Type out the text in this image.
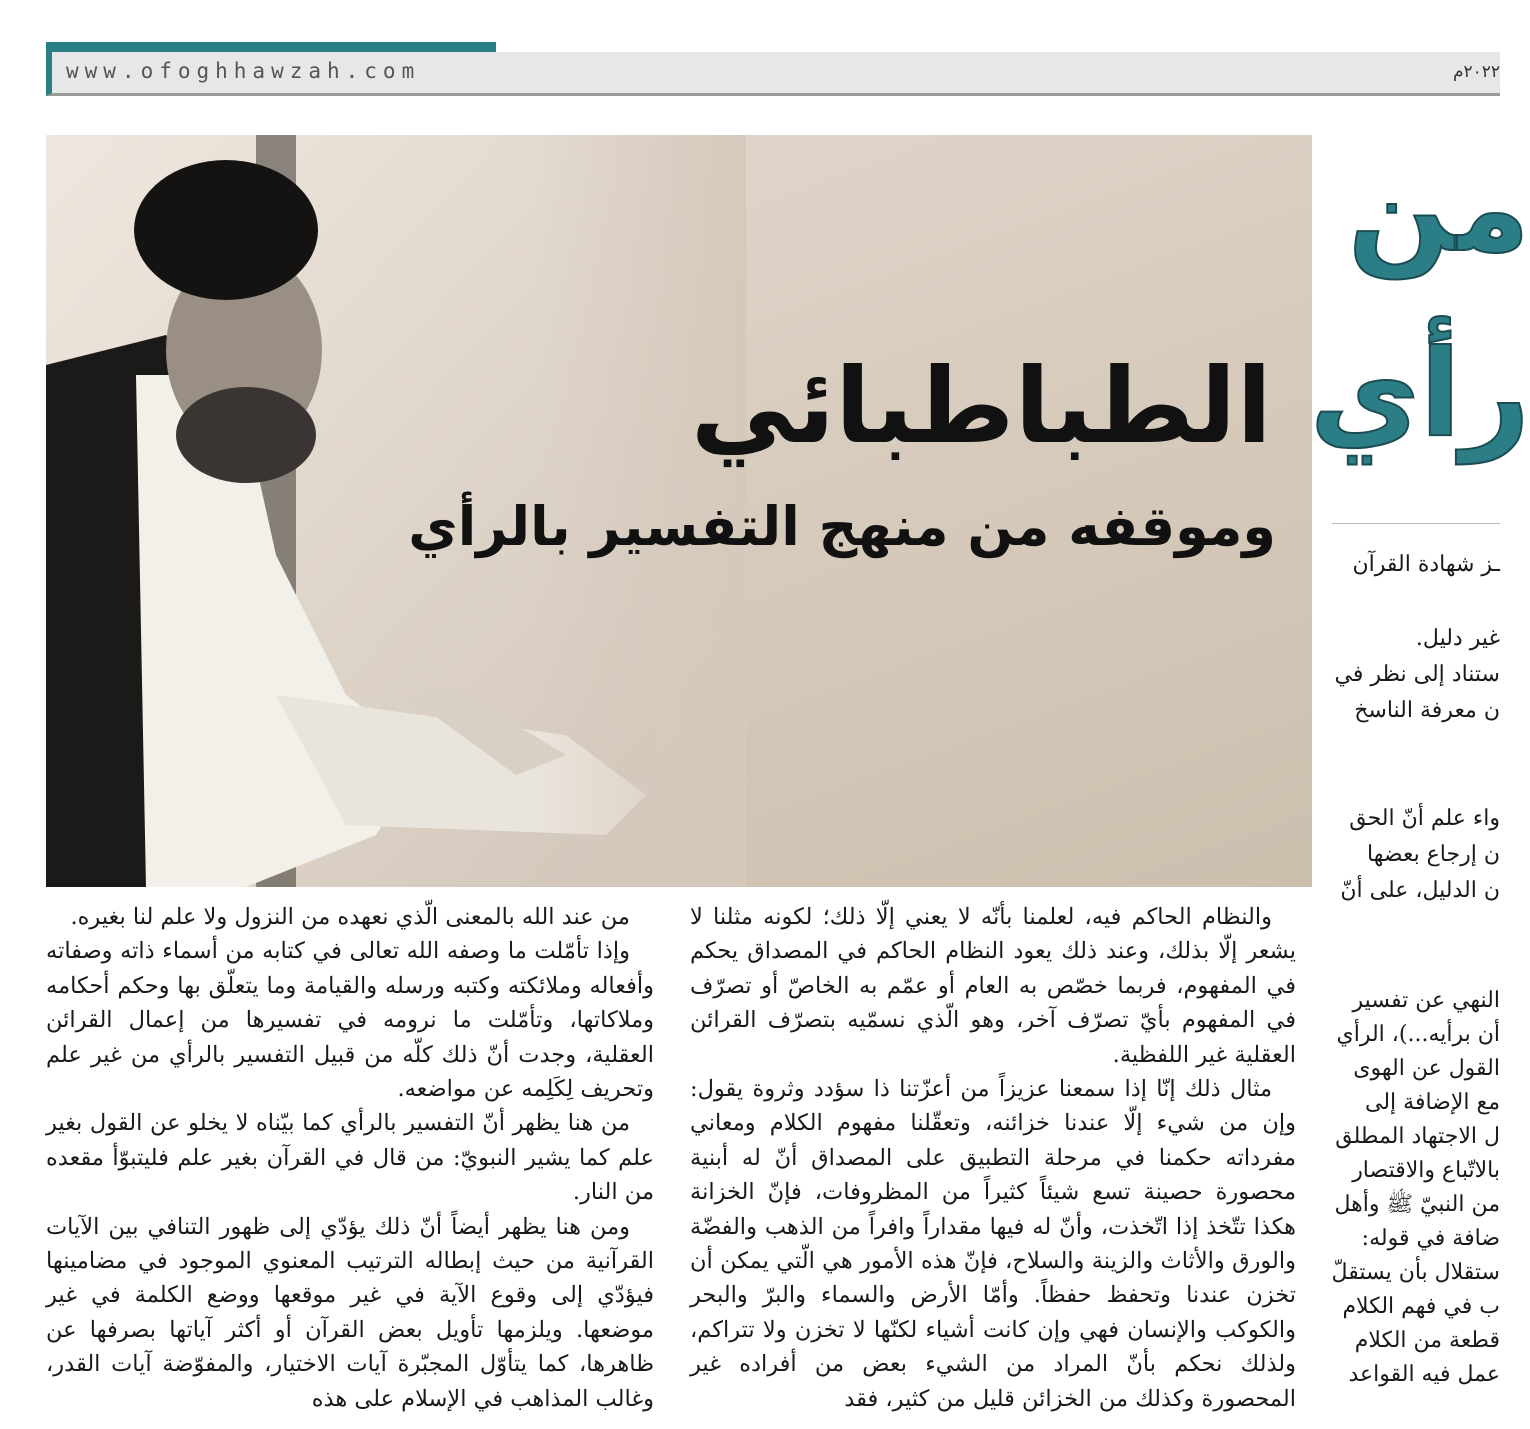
www.ofoghhawzah.com	۲۰۲۲م
الطباطبائي
وموقفه من منهج التفسير بالرأي
من
رأي

ـز شهادة القرآن

غير دليل.

ستناد إلى نظر في

ن معرفة الناسخ

واء علم أنّ الحق

ن إرجاع بعضها

ن الدليل، على أنّ

النهي عن تفسير

أن برأيه...)، الرأي

القول عن الهوى

مع الإضافة إلى

ل الاجتهاد المطلق

بالاتّباع والاقتصار

من النبيّ ﷺ وأهل

ضافة في قوله:

ستقلال بأن يستقلّ

ب في فهم الكلام

قطعة من الكلام

عمل فيه القواعد

والنظام الحاكم فيه، لعلمنا بأنّه لا يعني إلّا ذلك؛ لكونه مثلنا لا يشعر إلّا بذلك، وعند ذلك يعود النظام الحاكم في المصداق يحكم في المفهوم، فربما خصّص به العام أو عمّم به الخاصّ أو تصرّف في المفهوم بأيّ تصرّف آخر، وهو الّذي نسمّيه بتصرّف القرائن العقلية غير اللفظية.

مثال ذلك إنّا إذا سمعنا عزيزاً من أعزّتنا ذا سؤدد وثروة يقول: وإن من شيء إلّا عندنا خزائنه، وتعقّلنا مفهوم الكلام ومعاني مفرداته حكمنا في مرحلة التطبيق على المصداق أنّ له أبنية محصورة حصينة تسع شيئاً كثيراً من المظروفات، فإنّ الخزانة هكذا تتّخذ إذا اتّخذت، وأنّ له فيها مقداراً وافراً من الذهب والفضّة والورق والأثاث والزينة والسلاح، فإنّ هذه الأمور هي الّتي يمكن أن تخزن عندنا وتحفظ حفظاً. وأمّا الأرض والسماء والبرّ والبحر والكوكب والإنسان فهي وإن كانت أشياء لكنّها لا تخزن ولا تتراكم، ولذلك نحكم بأنّ المراد من الشيء بعض من أفراده غير المحصورة وكذلك من الخزائن قليل من كثير، فقد

من عند الله بالمعنى الّذي نعهده من النزول ولا علم لنا بغيره.

وإذا تأمّلت ما وصفه الله تعالى في كتابه من أسماء ذاته وصفاته وأفعاله وملائكته وكتبه ورسله والقيامة وما يتعلّق بها وحكم أحكامه وملاكاتها، وتأمّلت ما نرومه في تفسيرها من إعمال القرائن العقلية، وجدت أنّ ذلك كلّه من قبيل التفسير بالرأي من غير علم وتحريف لِكَلِمه عن مواضعه.

من هنا يظهر أنّ التفسير بالرأي كما بيّناه لا يخلو عن القول بغير علم كما يشير النبويّ: من قال في القرآن بغير علم فليتبوّأ مقعده من النار.

ومن هنا يظهر أيضاً أنّ ذلك يؤدّي إلى ظهور التنافي بين الآيات القرآنية من حيث إبطاله الترتيب المعنوي الموجود في مضامينها فيؤدّي إلى وقوع الآية في غير موقعها ووضع الكلمة في غير موضعها. ويلزمها تأويل بعض القرآن أو أكثر آياتها بصرفها عن ظاهرها، كما يتأوّل المجبّرة آيات الاختيار، والمفوّضة آيات القدر، وغالب المذاهب في الإسلام على هذه
